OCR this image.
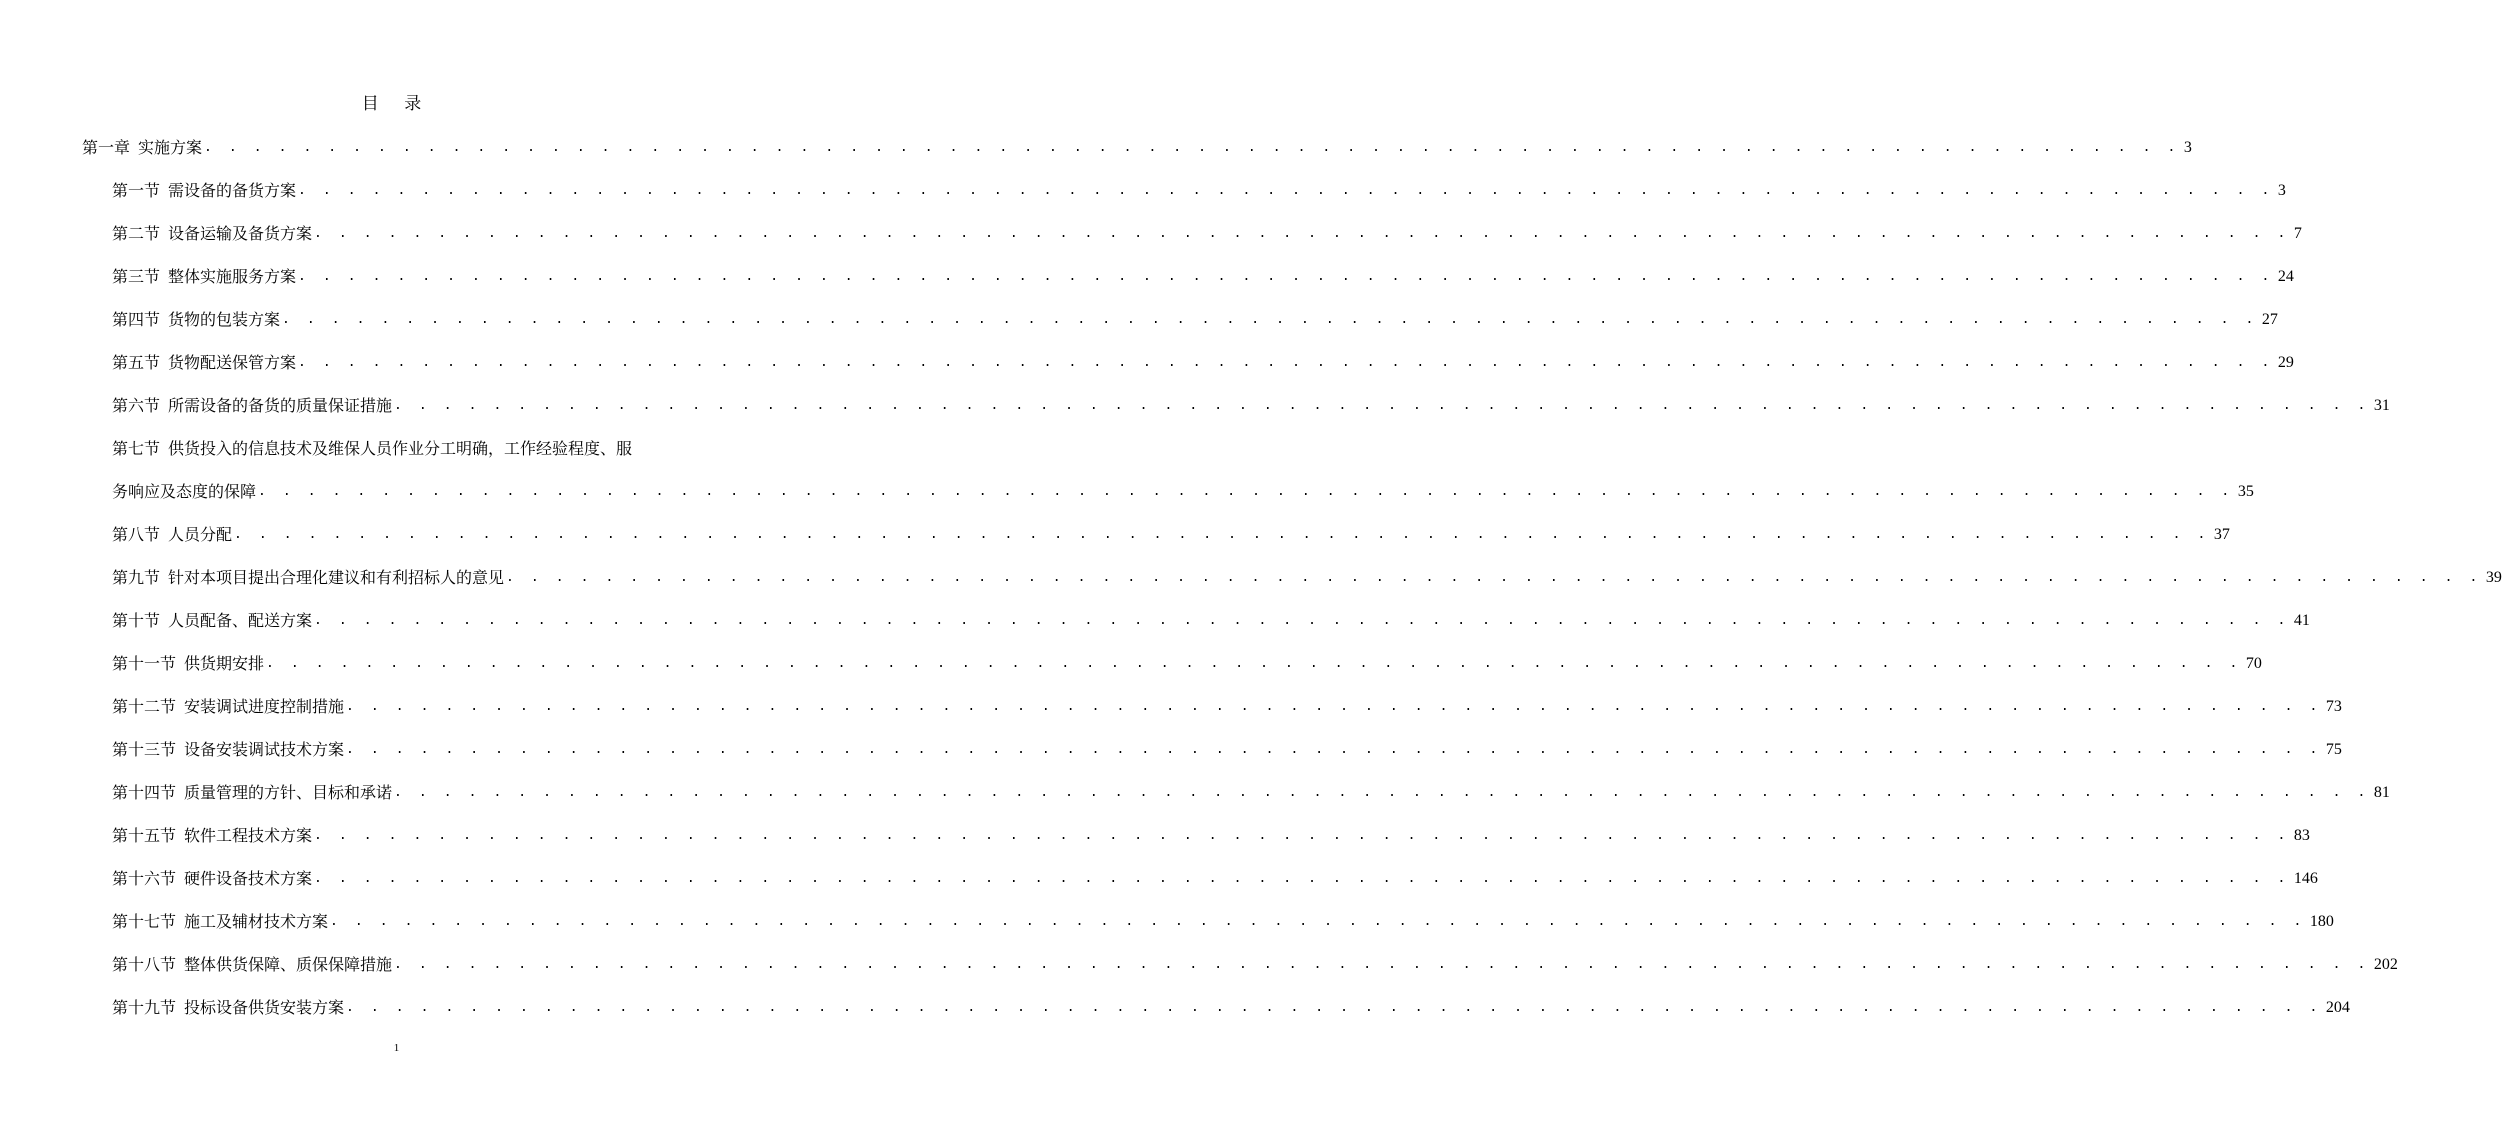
目 录
第一章 实施方案 . . . . . . . . . . . . . . . . . . . . . . . . . . . . . . . . . . . . . . . . . . . . . . . . . . . . . . . . . . . . . . . . . . . . . . . . . . . . . . . . 3
第一节 需设备的备货方案 . . . . . . . . . . . . . . . . . . . . . . . . . . . . . . . . . . . . . . . . . . . . . . . . . . . . . . . . . . . . . . . . . . . . . . . . . . . . . . . . 3
第二节 设备运输及备货方案 . . . . . . . . . . . . . . . . . . . . . . . . . . . . . . . . . . . . . . . . . . . . . . . . . . . . . . . . . . . . . . . . . . . . . . . . . . . . . . . . 7
第三节 整体实施服务方案 . . . . . . . . . . . . . . . . . . . . . . . . . . . . . . . . . . . . . . . . . . . . . . . . . . . . . . . . . . . . . . . . . . . . . . . . . . . . . . . . 24
第四节 货物的包装方案 . . . . . . . . . . . . . . . . . . . . . . . . . . . . . . . . . . . . . . . . . . . . . . . . . . . . . . . . . . . . . . . . . . . . . . . . . . . . . . . . 27
第五节 货物配送保管方案 . . . . . . . . . . . . . . . . . . . . . . . . . . . . . . . . . . . . . . . . . . . . . . . . . . . . . . . . . . . . . . . . . . . . . . . . . . . . . . . . 29
第六节 所需设备的备货的质量保证措施 . . . . . . . . . . . . . . . . . . . . . . . . . . . . . . . . . . . . . . . . . . . . . . . . . . . . . . . . . . . . . . . . . . . . . . . . . . . . . . . . 31
第七节 供货投入的信息技术及维保人员作业分工明确，工作经验程度、服
务响应及态度的保障 . . . . . . . . . . . . . . . . . . . . . . . . . . . . . . . . . . . . . . . . . . . . . . . . . . . . . . . . . . . . . . . . . . . . . . . . . . . . . . . . 35
第八节 人员分配 . . . . . . . . . . . . . . . . . . . . . . . . . . . . . . . . . . . . . . . . . . . . . . . . . . . . . . . . . . . . . . . . . . . . . . . . . . . . . . . . 37
第九节 针对本项目提出合理化建议和有利招标人的意见 . . . . . . . . . . . . . . . . . . . . . . . . . . . . . . . . . . . . . . . . . . . . . . . . . . . . . . . . . . . . . . . . . . . . . . . . . . . . . . . . 39
第十节 人员配备、配送方案 . . . . . . . . . . . . . . . . . . . . . . . . . . . . . . . . . . . . . . . . . . . . . . . . . . . . . . . . . . . . . . . . . . . . . . . . . . . . . . . . 41
第十一节 供货期安排 . . . . . . . . . . . . . . . . . . . . . . . . . . . . . . . . . . . . . . . . . . . . . . . . . . . . . . . . . . . . . . . . . . . . . . . . . . . . . . . . 70
第十二节 安装调试进度控制措施 . . . . . . . . . . . . . . . . . . . . . . . . . . . . . . . . . . . . . . . . . . . . . . . . . . . . . . . . . . . . . . . . . . . . . . . . . . . . . . . . 73
第十三节 设备安装调试技术方案 . . . . . . . . . . . . . . . . . . . . . . . . . . . . . . . . . . . . . . . . . . . . . . . . . . . . . . . . . . . . . . . . . . . . . . . . . . . . . . . . 75
第十四节 质量管理的方针、目标和承诺 . . . . . . . . . . . . . . . . . . . . . . . . . . . . . . . . . . . . . . . . . . . . . . . . . . . . . . . . . . . . . . . . . . . . . . . . . . . . . . . . 81
第十五节 软件工程技术方案 . . . . . . . . . . . . . . . . . . . . . . . . . . . . . . . . . . . . . . . . . . . . . . . . . . . . . . . . . . . . . . . . . . . . . . . . . . . . . . . . 83
第十六节 硬件设备技术方案 . . . . . . . . . . . . . . . . . . . . . . . . . . . . . . . . . . . . . . . . . . . . . . . . . . . . . . . . . . . . . . . . . . . . . . . . . . . . . . . . 146
第十七节 施工及辅材技术方案 . . . . . . . . . . . . . . . . . . . . . . . . . . . . . . . . . . . . . . . . . . . . . . . . . . . . . . . . . . . . . . . . . . . . . . . . . . . . . . . . 180
第十八节 整体供货保障、质保保障措施 . . . . . . . . . . . . . . . . . . . . . . . . . . . . . . . . . . . . . . . . . . . . . . . . . . . . . . . . . . . . . . . . . . . . . . . . . . . . . . . . 202
第十九节 投标设备供货安装方案 . . . . . . . . . . . . . . . . . . . . . . . . . . . . . . . . . . . . . . . . . . . . . . . . . . . . . . . . . . . . . . . . . . . . . . . . . . . . . . . . 204
1
